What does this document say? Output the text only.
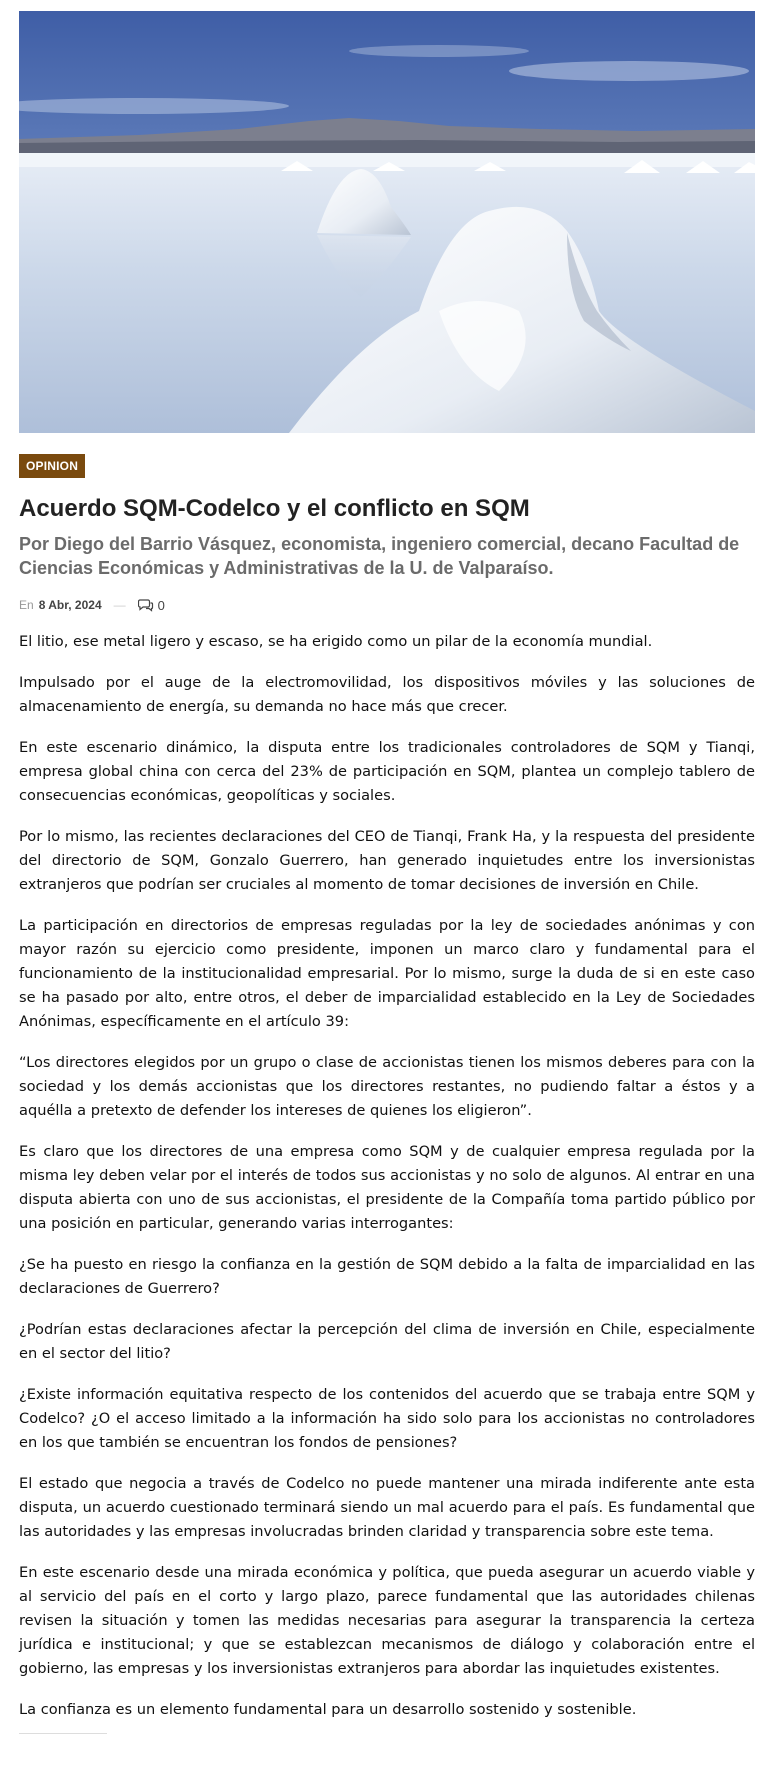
OPINION
Acuerdo SQM-Codelco y el conflicto en SQM
Por Diego del Barrio Vásquez, economista, ingeniero comercial, decano Facultad de Ciencias Económicas y Administrativas de la U. de Valparaíso.
En 8 Abr, 2024 — 0

El litio, ese metal ligero y escaso, se ha erigido como un pilar de la economía mundial.

Impulsado por el auge de la electromovilidad, los dispositivos móviles y las soluciones de almacenamiento de energía, su demanda no hace más que crecer.

En este escenario dinámico, la disputa entre los tradicionales controladores de SQM y Tianqi, empresa global china con cerca del 23% de participación en SQM, plantea un complejo tablero de consecuencias económicas, geopolíticas y sociales.

Por lo mismo, las recientes declaraciones del CEO de Tianqi, Frank Ha, y la respuesta del presidente del directorio de SQM, Gonzalo Guerrero, han generado inquietudes entre los inversionistas extranjeros que podrían ser cruciales al momento de tomar decisiones de inversión en Chile.

La participación en directorios de empresas reguladas por la ley de sociedades anónimas y con mayor razón su ejercicio como presidente, imponen un marco claro y fundamental para el funcionamiento de la institucionalidad empresarial. Por lo mismo, surge la duda de si en este caso se ha pasado por alto, entre otros, el deber de imparcialidad establecido en la Ley de Sociedades Anónimas, específicamente en el artículo 39:

“Los directores elegidos por un grupo o clase de accionistas tienen los mismos deberes para con la sociedad y los demás accionistas que los directores restantes, no pudiendo faltar a éstos y a aquélla a pretexto de defender los intereses de quienes los eligieron”.

Es claro que los directores de una empresa como SQM y de cualquier empresa regulada por la misma ley deben velar por el interés de todos sus accionistas y no solo de algunos. Al entrar en una disputa abierta con uno de sus accionistas, el presidente de la Compañía toma partido público por una posición en particular, generando varias interrogantes:

¿Se ha puesto en riesgo la confianza en la gestión de SQM debido a la falta de imparcialidad en las declaraciones de Guerrero?

¿Podrían estas declaraciones afectar la percepción del clima de inversión en Chile, especialmente en el sector del litio?

¿Existe información equitativa respecto de los contenidos del acuerdo que se trabaja entre SQM y Codelco? ¿O el acceso limitado a la información ha sido solo para los accionistas no controladores en los que también se encuentran los fondos de pensiones?

El estado que negocia a través de Codelco no puede mantener una mirada indiferente ante esta disputa, un acuerdo cuestionado terminará siendo un mal acuerdo para el país. Es fundamental que las autoridades y las empresas involucradas brinden claridad y transparencia sobre este tema.

En este escenario desde una mirada económica y política, que pueda asegurar un acuerdo viable y al servicio del país en el corto y largo plazo, parece fundamental que las autoridades chilenas revisen la situación y tomen las medidas necesarias para asegurar la transparencia la certeza jurídica e institucional; y que se establezcan mecanismos de diálogo y colaboración entre el gobierno, las empresas y los inversionistas extranjeros para abordar las inquietudes existentes.

La confianza es un elemento fundamental para un desarrollo sostenido y sostenible.
